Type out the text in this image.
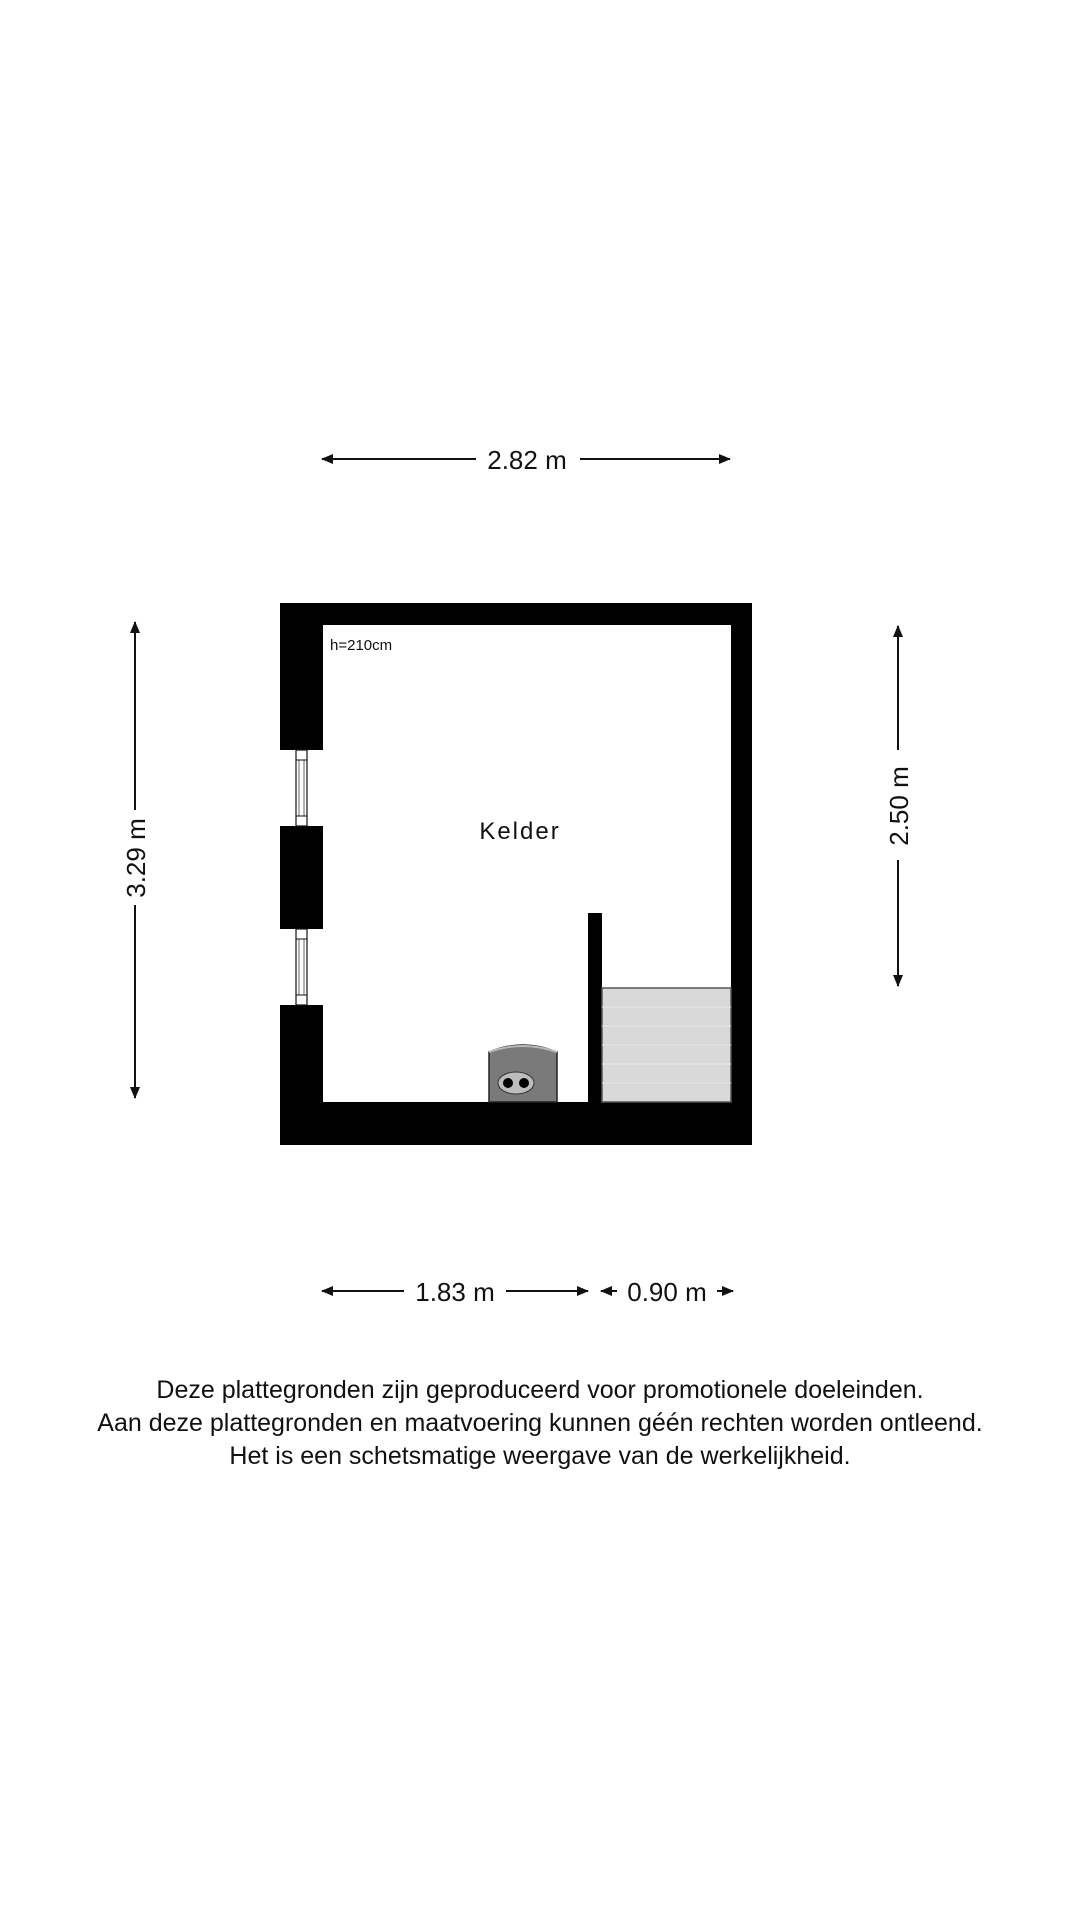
2.82 m
3.29 m
2.50 m
1.83 m	0.90 m
h=210cm
Kelder
Deze plattegronden zijn geproduceerd voor promotionele doeleinden.
Aan deze plattegronden en maatvoering kunnen géén rechten worden ontleend.
Het is een schetsmatige weergave van de werkelijkheid.
